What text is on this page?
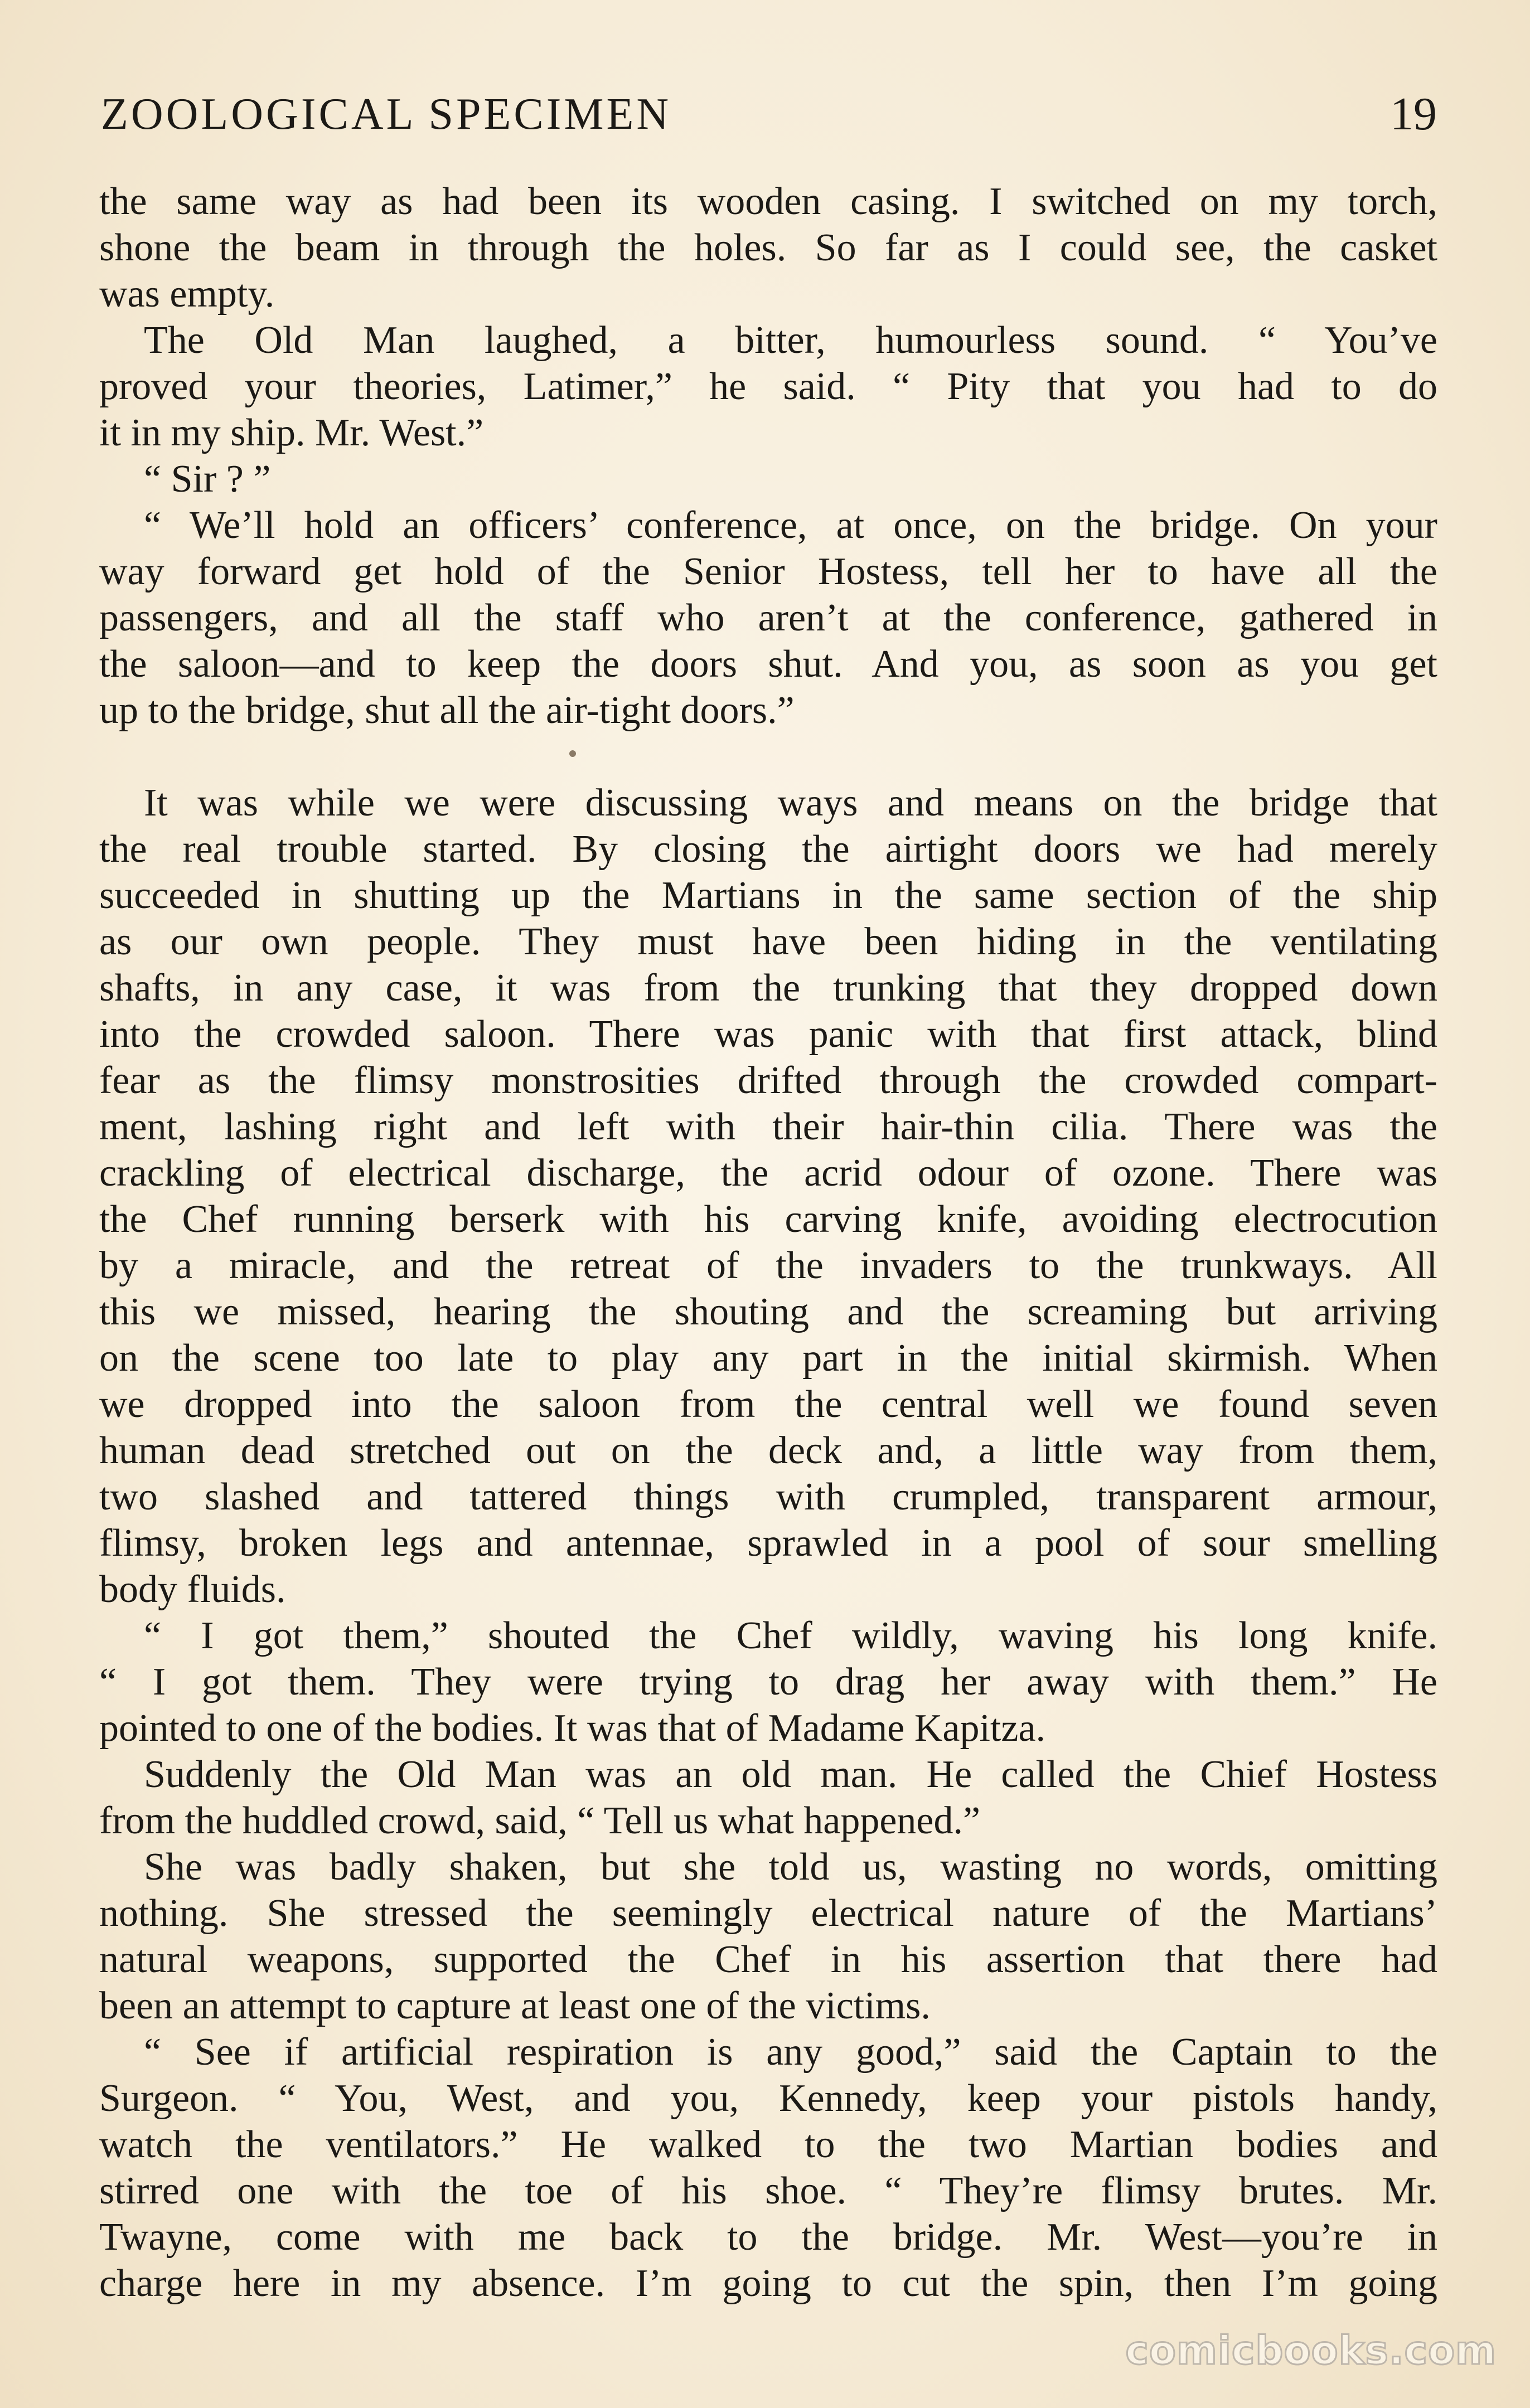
ZOOLOGICAL SPECIMEN	19
the same way as had been its wooden casing. I switched on my torch,
shone the beam in through the holes. So far as I could see, the casket
was empty.
The Old Man laughed, a bitter, humourless sound. “ You’ve
proved your theories, Latimer,” he said. “ Pity that you had to do
it in my ship. Mr. West.”
“ Sir ? ”
“ We’ll hold an officers’ conference, at once, on the bridge. On your
way forward get hold of the Senior Hostess, tell her to have all the
passengers, and all the staff who aren’t at the conference, gathered in
the saloon—and to keep the doors shut. And you, as soon as you get
up to the bridge, shut all the air-tight doors.”
It was while we were discussing ways and means on the bridge that
the real trouble started. By closing the airtight doors we had merely
succeeded in shutting up the Martians in the same section of the ship
as our own people. They must have been hiding in the ventilating
shafts, in any case, it was from the trunking that they dropped down
into the crowded saloon. There was panic with that first attack, blind
fear as the flimsy monstrosities drifted through the crowded compart-
ment, lashing right and left with their hair-thin cilia. There was the
crackling of electrical discharge, the acrid odour of ozone. There was
the Chef running berserk with his carving knife, avoiding electrocution
by a miracle, and the retreat of the invaders to the trunkways. All
this we missed, hearing the shouting and the screaming but arriving
on the scene too late to play any part in the initial skirmish. When
we dropped into the saloon from the central well we found seven
human dead stretched out on the deck and, a little way from them,
two slashed and tattered things with crumpled, transparent armour,
flimsy, broken legs and antennae, sprawled in a pool of sour smelling
body fluids.
“ I got them,” shouted the Chef wildly, waving his long knife.
“ I got them. They were trying to drag her away with them.” He
pointed to one of the bodies. It was that of Madame Kapitza.
Suddenly the Old Man was an old man. He called the Chief Hostess
from the huddled crowd, said, “ Tell us what happened.”
She was badly shaken, but she told us, wasting no words, omitting
nothing. She stressed the seemingly electrical nature of the Martians’
natural weapons, supported the Chef in his assertion that there had
been an attempt to capture at least one of the victims.
“ See if artificial respiration is any good,” said the Captain to the
Surgeon. “ You, West, and you, Kennedy, keep your pistols handy,
watch the ventilators.” He walked to the two Martian bodies and
stirred one with the toe of his shoe. “ They’re flimsy brutes. Mr.
Twayne, come with me back to the bridge. Mr. West—you’re in
charge here in my absence. I’m going to cut the spin, then I’m going
comicbooks.com
